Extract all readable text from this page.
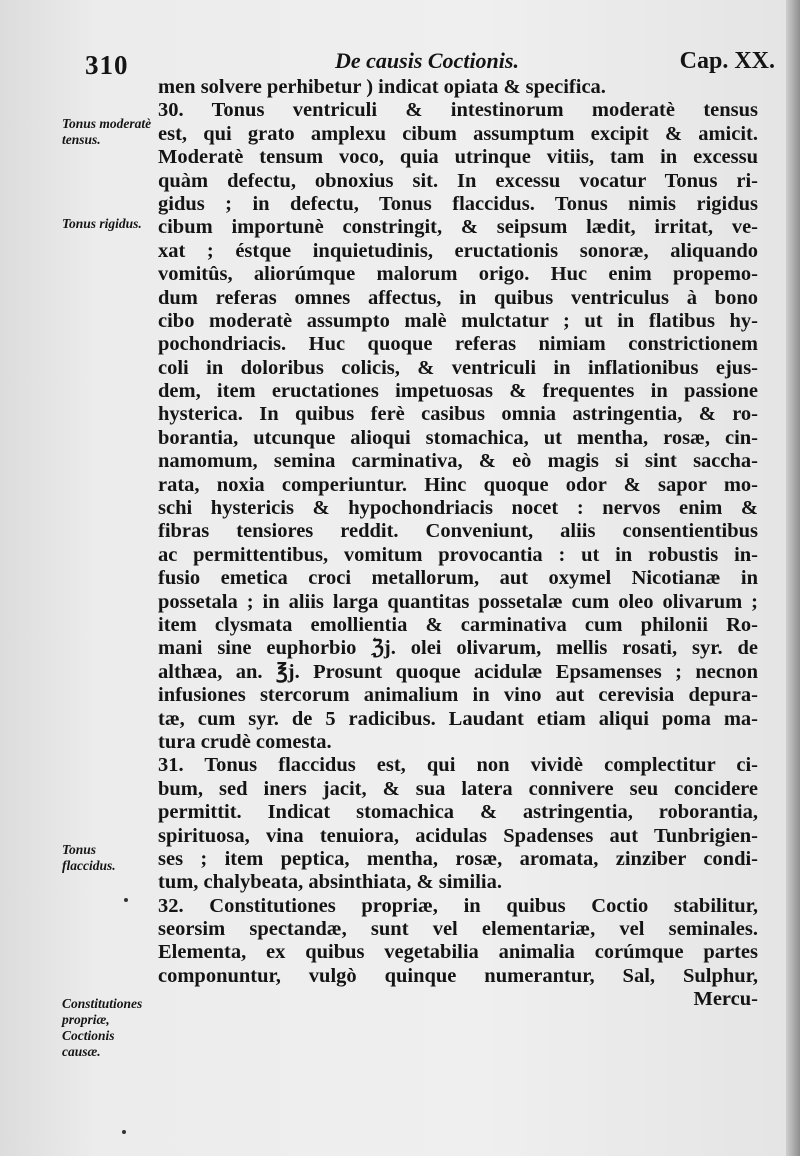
310	De causis Coctionis.	Cap. XX.
Tonus moderatè tensus.
Tonus rigidus.
Tonus flaccidus.
Constitutiones propriæ, Coctionis causæ.
men solvere perhibetur ) indicat opiata & specifica.
30. Tonus ventriculi & intestinorum moderatè tensus
est, qui grato amplexu cibum assumptum excipit & amicit.
Moderatè tensum voco, quia utrinque vitiis, tam in excessu
quàm defectu, obnoxius sit. In excessu vocatur Tonus ri-
gidus ; in defectu, Tonus flaccidus. Tonus nimis rigidus
cibum importunè constringit, & seipsum lædit, irritat, ve-
xat ; éstque inquietudinis, eructationis sonoræ, aliquando
vomitûs, aliorúmque malorum origo. Huc enim propemo-
dum referas omnes affectus, in quibus ventriculus à bono
cibo moderatè assumpto malè mulctatur ; ut in flatibus hy-
pochondriacis. Huc quoque referas nimiam constrictionem
coli in doloribus colicis, & ventriculi in inflationibus ejus-
dem, item eructationes impetuosas & frequentes in passione
hysterica. In quibus ferè casibus omnia astringentia, & ro-
borantia, utcunque alioqui stomachica, ut mentha, rosæ, cin-
namomum, semina carminativa, & eò magis si sint saccha-
rata, noxia comperiuntur. Hinc quoque odor & sapor mo-
schi hystericis & hypochondriacis nocet : nervos enim &
fibras tensiores reddit. Conveniunt, aliis consentientibus
ac permittentibus, vomitum provocantia : ut in robustis in-
fusio emetica croci metallorum, aut oxymel Nicotianæ in
possetala ; in aliis larga quantitas possetalæ cum oleo olivarum ;
item clysmata emollientia & carminativa cum philonii Ro-
mani sine euphorbio ℨj. olei olivarum, mellis rosati, syr. de
althæa, an. ℥j. Prosunt quoque acidulæ Epsamenses ; necnon
infusiones stercorum animalium in vino aut cerevisia depura-
tæ, cum syr. de 5 radicibus. Laudant etiam aliqui poma ma-
tura crudè comesta.
31. Tonus flaccidus est, qui non vividè complectitur ci-
bum, sed iners jacit, & sua latera connivere seu concidere
permittit. Indicat stomachica & astringentia, roborantia,
spirituosa, vina tenuiora, acidulas Spadenses aut Tunbrigien-
ses ; item peptica, mentha, rosæ, aromata, zinziber condi-
tum, chalybeata, absinthiata, & similia.
32. Constitutiones propriæ, in quibus Coctio stabilitur,
seorsim spectandæ, sunt vel elementariæ, vel seminales.
Elementa, ex quibus vegetabilia animalia corúmque partes
componuntur, vulgò quinque numerantur, Sal, Sulphur,
Mercu-
